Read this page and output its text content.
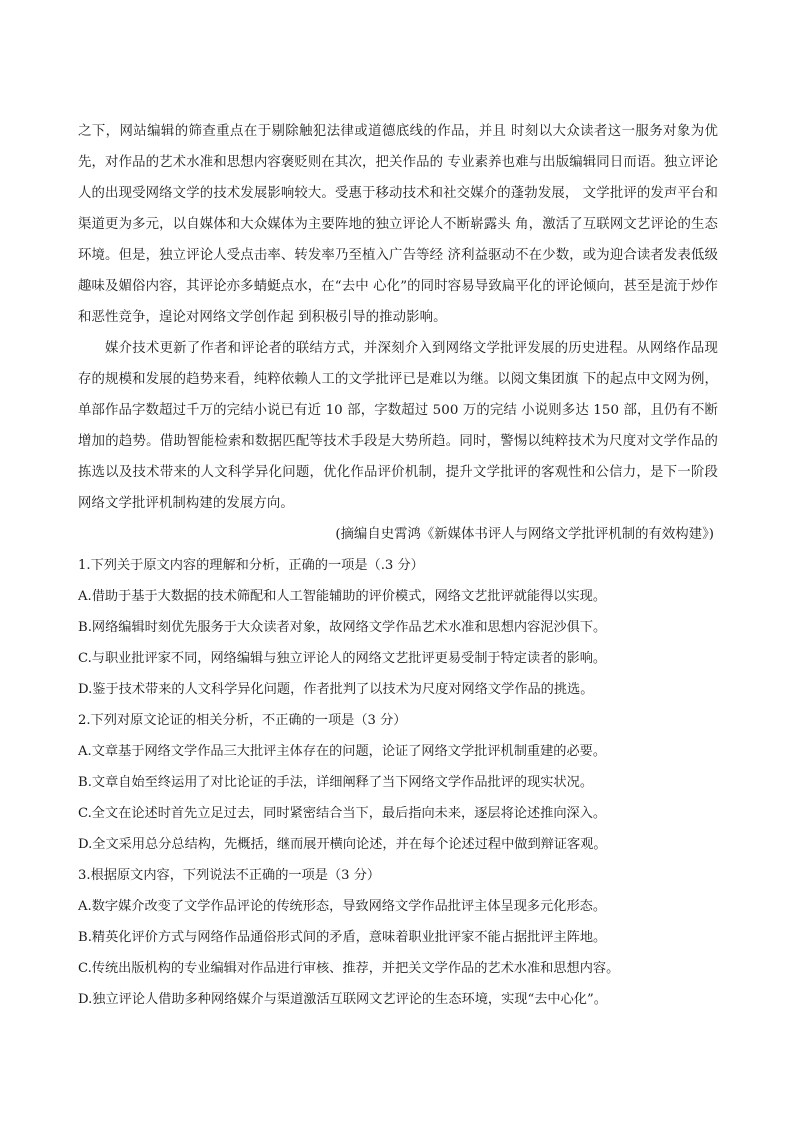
之下，网站编辑的筛查重点在于剔除触犯法律或道德底线的作品，并且 时刻以大众读者这一服务对象为优先，对作品的艺术水准和思想内容褒贬则在其次，把关作品的 专业素养也难与出版编辑同日而语。独立评论人的出现受网络文学的技术发展影响较大。受惠于移动技术和社交媒介的蓬勃发展， 文学批评的发声平台和渠道更为多元，以自媒体和大众媒体为主要阵地的独立评论人不断崭露头 角，激活了互联网文艺评论的生态环境。但是，独立评论人受点击率、转发率乃至植入广告等经 济利益驱动不在少数，或为迎合读者发表低级趣味及媚俗内容，其评论亦多蜻蜓点水，在“去中 心化”的同时容易导致扁平化的评论倾向，甚至是流于炒作和恶性竞争，遑论对网络文学创作起 到积极引导的推动影响。

媒介技术更新了作者和评论者的联结方式，并深刻介入到网络文学批评发展的历史进程。从网络作品现存的规模和发展的趋势来看，纯粹依赖人工的文学批评已是难以为继。以阅文集团旗 下的起点中文网为例，单部作品字数超过千万的完结小说已有近 10 部，字数超过 500 万的完结 小说则多达 150 部，且仍有不断增加的趋势。借助智能检索和数据匹配等技术手段是大势所趋。同时，警惕以纯粹技术为尺度对文学作品的拣选以及技术带来的人文科学异化问题，优化作品评价机制，提升文学批评的客观性和公信力，是下一阶段网络文学批评机制构建的发展方向。

(摘编自史霄鸿《新媒体书评人与网络文学批评机制的有效构建》)

1.下列关于原文内容的理解和分析，正确的一项是（.3 分）

A.借助于基于大数据的技术筛配和人工智能辅助的评价模式，网络文艺批评就能得以实现。

B.网络编辑时刻优先服务于大众读者对象，故网络文学作品艺术水准和思想内容泥沙俱下。

C.与职业批评家不同，网络编辑与独立评论人的网络文艺批评更易受制于特定读者的影响。

D.鉴于技术带来的人文科学异化问题，作者批判了以技术为尺度对网络文学作品的挑选。

2.下列对原文论证的相关分析，不正确的一项是（3 分）

A.文章基于网络文学作品三大批评主体存在的问题，论证了网络文学批评机制重建的必要。

B.文章自始至终运用了对比论证的手法，详细阐释了当下网络文学作品批评的现实状况。

C.全文在论述时首先立足过去，同时紧密结合当下，最后指向未来，逐层将论述推向深入。

D.全文采用总分总结构，先概括，继而展开横向论述，并在每个论述过程中做到辩证客观。

3.根据原文内容，下列说法不正确的一项是（3 分）

A.数字媒介改变了文学作品评论的传统形态，导致网络文学作品批评主体呈现多元化形态。

B.精英化评价方式与网络作品通俗形式间的矛盾，意味着职业批评家不能占据批评主阵地。

C.传统出版机构的专业编辑对作品进行审核、推荐，并把关文学作品的艺术水准和思想内容。

D.独立评论人借助多种网络媒介与渠道激活互联网文艺评论的生态环境，实现“去中心化”。
